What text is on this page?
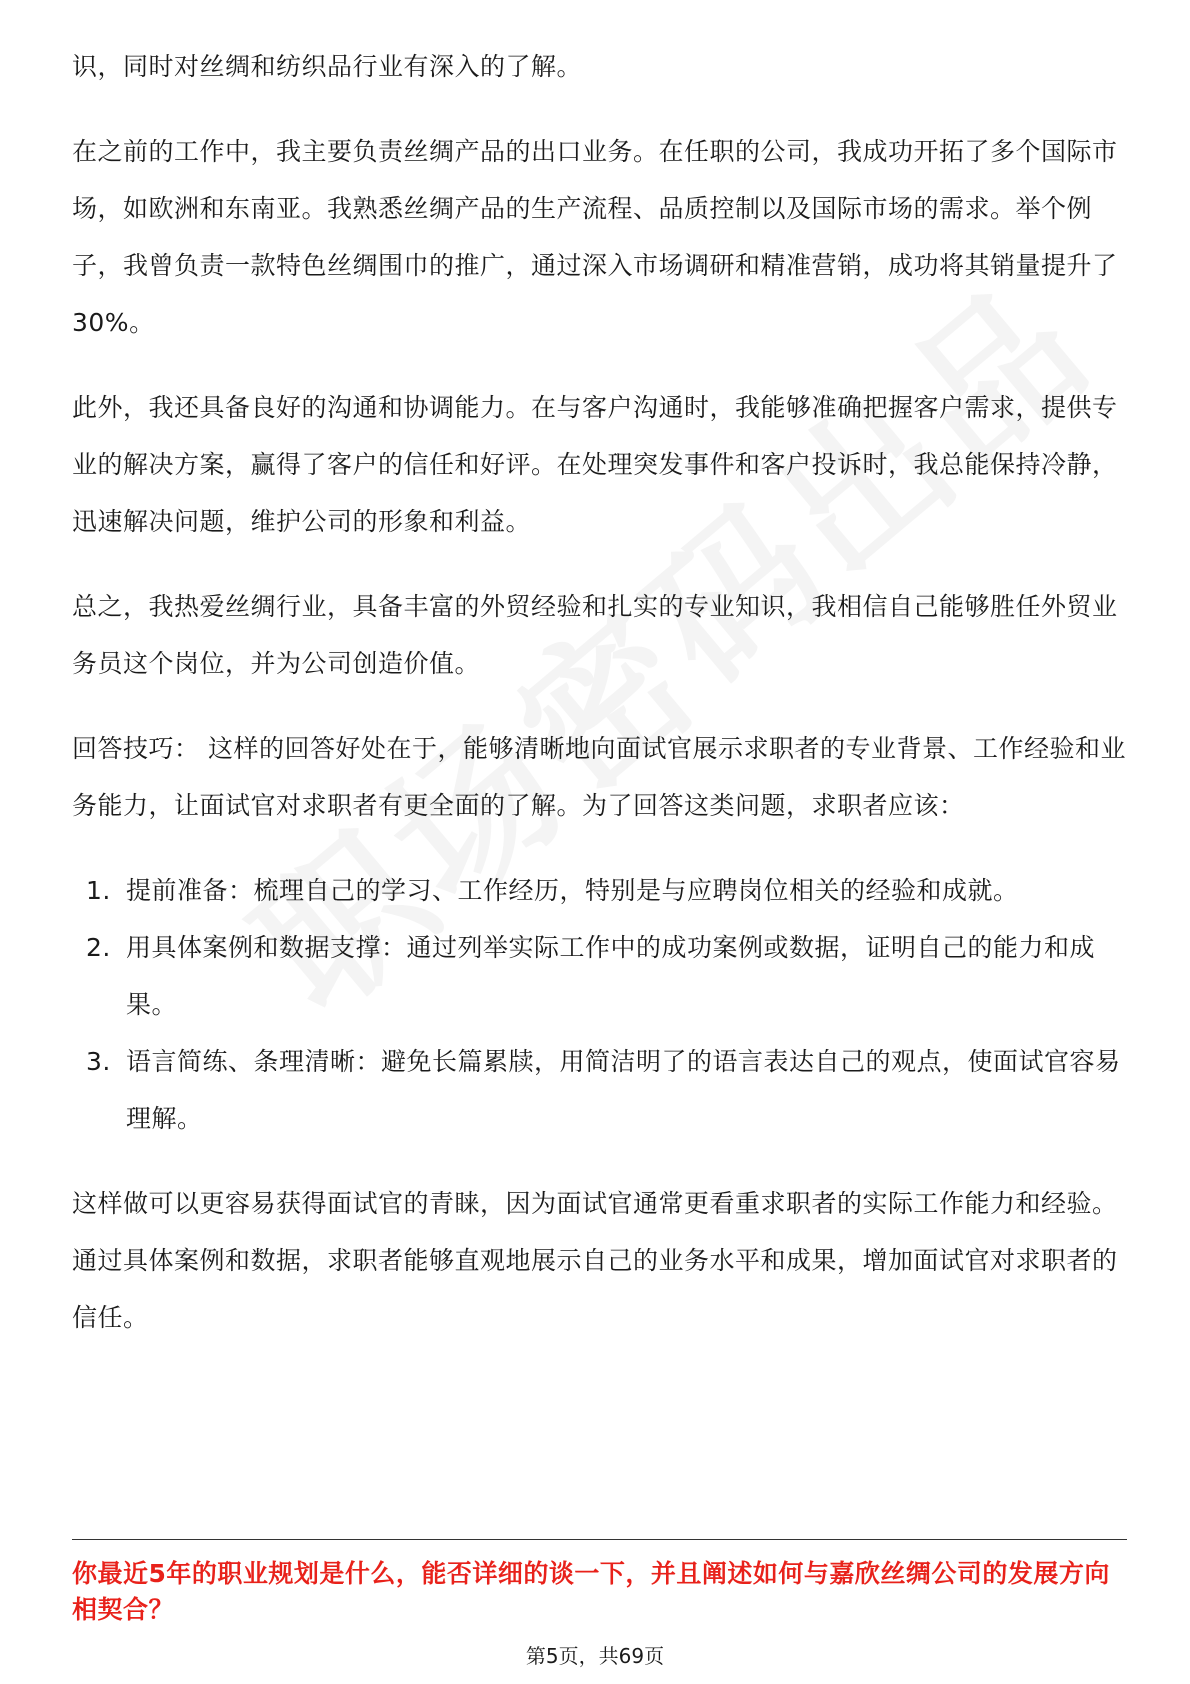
识，同时对丝绸和纺织品行业有深入的了解。

在之前的工作中，我主要负责丝绸产品的出口业务。在任职的公司，我成功开拓了多个国际市场，如欧洲和东南亚。我熟悉丝绸产品的生产流程、品质控制以及国际市场的需求。举个例子，我曾负责一款特色丝绸围巾的推广，通过深入市场调研和精准营销，成功将其销量提升了30%。

此外，我还具备良好的沟通和协调能力。在与客户沟通时，我能够准确把握客户需求，提供专业的解决方案，赢得了客户的信任和好评。在处理突发事件和客户投诉时，我总能保持冷静，迅速解决问题，维护公司的形象和利益。

总之，我热爱丝绸行业，具备丰富的外贸经验和扎实的专业知识，我相信自己能够胜任外贸业务员这个岗位，并为公司创造价值。

回答技巧： 这样的回答好处在于，能够清晰地向面试官展示求职者的专业背景、工作经验和业务能力，让面试官对求职者有更全面的了解。为了回答这类问题，求职者应该：

1. 提前准备：梳理自己的学习、工作经历，特别是与应聘岗位相关的经验和成就。
2. 用具体案例和数据支撑：通过列举实际工作中的成功案例或数据，证明自己的能力和成果。
3. 语言简练、条理清晰：避免长篇累牍，用简洁明了的语言表达自己的观点，使面试官容易理解。

这样做可以更容易获得面试官的青睐，因为面试官通常更看重求职者的实际工作能力和经验。通过具体案例和数据，求职者能够直观地展示自己的业务水平和成果，增加面试官对求职者的信任。

你最近5年的职业规划是什么，能否详细的谈一下，并且阐述如何与嘉欣丝绸公司的发展方向相契合？

第5页，共69页
